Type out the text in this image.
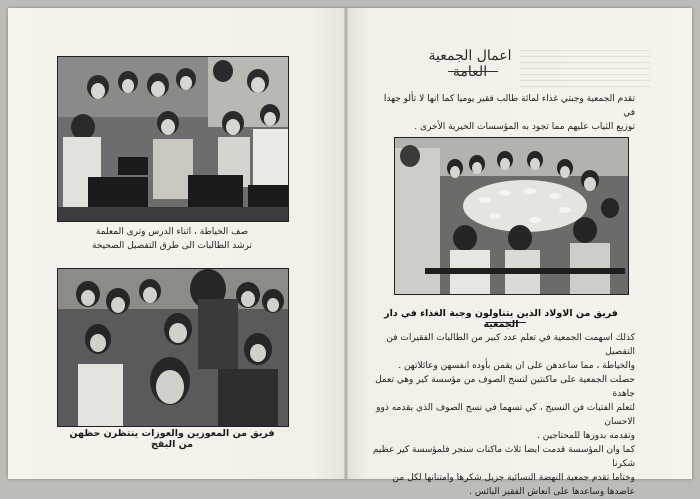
صف الخياطة ، اثناء الدرس وترى المعلمة
ترشد الطالبات الى طرق التفصيل الصحيحة
فريق من المعوزين والعوزات ينتظرن حظهن من البقج
اعمال الجمعية العامة
تقدم الجمعية وجبتي غذاء لمائة طالب فقير يوميا كما انها لا تألو جهدا في
توزيع الثياب عليهم مما تجود به المؤسسات الخيرية الأخرى .
فريق من الاولاد الذين يتناولون وجبة الغذاء في دار الجمعية
كذلك اسهمت الجمعية في تعلم عدد كبير من الطالبات الفقيرات فن التفصيل
والخياطة ، مما ساعدهن على ان يقمن بأوده انفسهن وعائلاتهن .
حصلت الجمعية على ماكنتين لنسج الصوف من مؤسسة كير وهي تعمل جاهدة
لتعلم الفتيات فن النسيج ، كي تسهما في نسج الصوف الذي يقدمه ذوو الاحسان
وتقدمه بدورها للمحتاجين .
كما وان المؤسسة قدمت ايضا ثلاث ماكنات سنجر فلمؤسسة كير عظيم شكرنا
وختاما تقدم جمعية النهضة النسائية جزيل شكرها وامتنانها لكل من
عاضدها وساعدها على انعاش الفقير البائس .
